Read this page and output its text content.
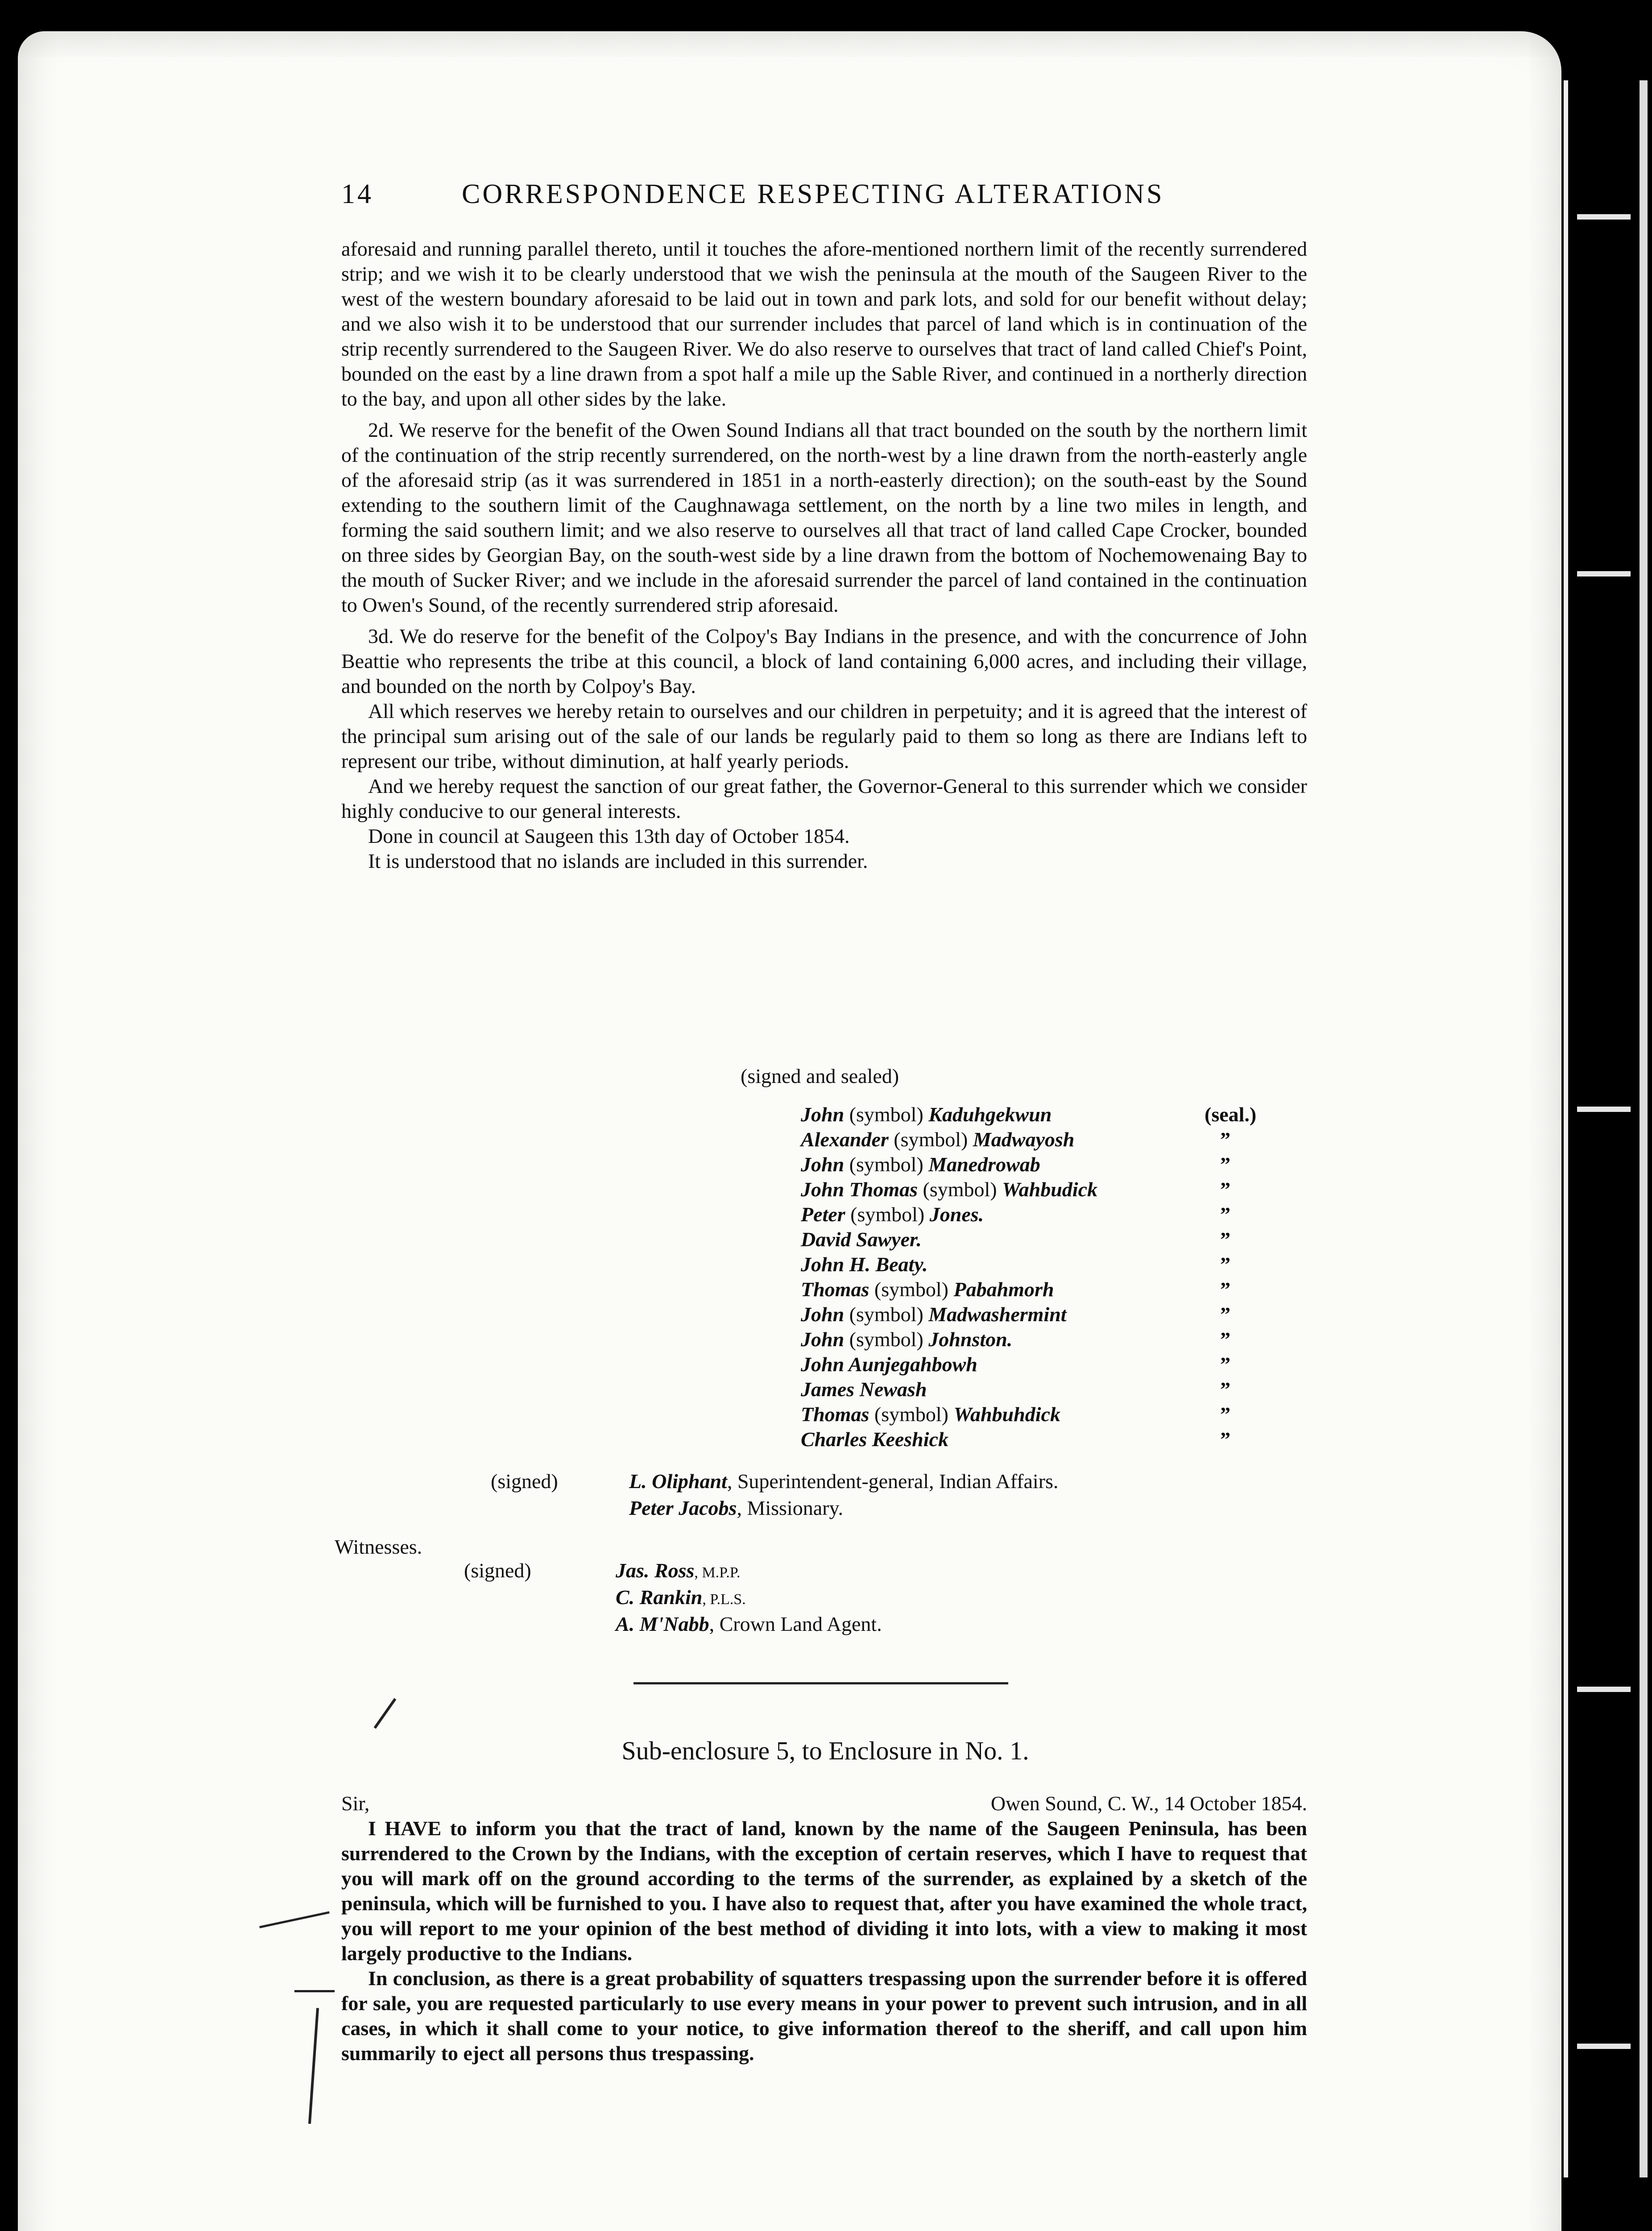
14	CORRESPONDENCE RESPECTING ALTERATIONS

aforesaid and running parallel thereto, until it touches the afore-mentioned northern limit of the recently surrendered strip; and we wish it to be clearly understood that we wish the peninsula at the mouth of the Saugeen River to the west of the western boundary aforesaid to be laid out in town and park lots, and sold for our benefit without delay; and we also wish it to be understood that our surrender includes that parcel of land which is in continuation of the strip recently surrendered to the Saugeen River. We do also reserve to ourselves that tract of land called Chief's Point, bounded on the east by a line drawn from a spot half a mile up the Sable River, and continued in a northerly direction to the bay, and upon all other sides by the lake.

2d. We reserve for the benefit of the Owen Sound Indians all that tract bounded on the south by the northern limit of the continuation of the strip recently surrendered, on the north-west by a line drawn from the north-easterly angle of the aforesaid strip (as it was surrendered in 1851 in a north-easterly direction); on the south-east by the Sound extending to the southern limit of the Caughnawaga settlement, on the north by a line two miles in length, and forming the said southern limit; and we also reserve to ourselves all that tract of land called Cape Crocker, bounded on three sides by Georgian Bay, on the south-west side by a line drawn from the bottom of Nochemowenaing Bay to the mouth of Sucker River; and we include in the aforesaid surrender the parcel of land contained in the continuation to Owen's Sound, of the recently surrendered strip aforesaid.

3d. We do reserve for the benefit of the Colpoy's Bay Indians in the presence, and with the concurrence of John Beattie who represents the tribe at this council, a block of land containing 6,000 acres, and including their village, and bounded on the north by Colpoy's Bay.

All which reserves we hereby retain to ourselves and our children in perpetuity; and it is agreed that the interest of the principal sum arising out of the sale of our lands be regularly paid to them so long as there are Indians left to represent our tribe, without diminution, at half yearly periods.

And we hereby request the sanction of our great father, the Governor-General to this surrender which we consider highly conducive to our general interests.

Done in council at Saugeen this 13th day of October 1854.

It is understood that no islands are included in this surrender.

(signed and sealed)
John (symbol) Kaduhgekwun	(seal.)
Alexander (symbol) Madwayosh	”
John (symbol) Manedrowab	”
John Thomas (symbol) Wahbudick	”
Peter (symbol) Jones.	”
David Sawyer.	”
John H. Beaty.	”
Thomas (symbol) Pabahmorh	”
John (symbol) Madwashermint	”
John (symbol) Johnston.	”
John Aunjegahbowh	”
James Newash	”
Thomas (symbol) Wahbuhdick	”
Charles Keeshick	”
(signed)	L. Oliphant, Superintendent-general, Indian Affairs.
Peter Jacobs, Missionary.
Witnesses.
(signed)	Jas. Ross, M.P.P.
C. Rankin, P.L.S.
A. M'Nabb, Crown Land Agent.
Sub-enclosure 5, to Enclosure in No. 1.
Sir,	Owen Sound, C. W., 14 October 1854.

I HAVE to inform you that the tract of land, known by the name of the Saugeen Peninsula, has been surrendered to the Crown by the Indians, with the exception of certain reserves, which I have to request that you will mark off on the ground according to the terms of the surrender, as explained by a sketch of the peninsula, which will be furnished to you. I have also to request that, after you have examined the whole tract, you will report to me your opinion of the best method of dividing it into lots, with a view to making it most largely productive to the Indians.

In conclusion, as there is a great probability of squatters trespassing upon the surrender before it is offered for sale, you are requested particularly to use every means in your power to prevent such intrusion, and in all cases, in which it shall come to your notice, to give information thereof to the sheriff, and call upon him summarily to eject all persons thus trespassing.
